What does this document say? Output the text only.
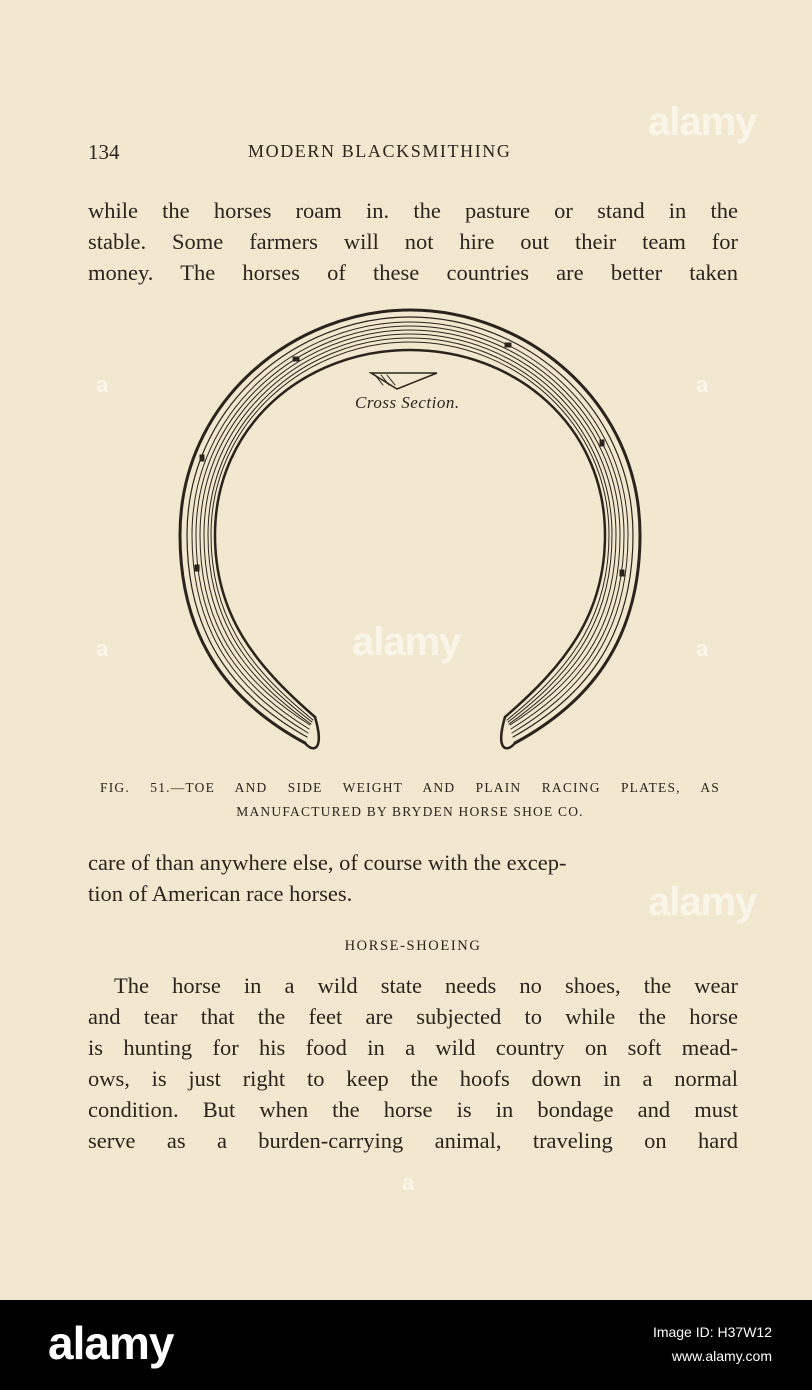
134	MODERN BLACKSMITHING

while the horses roam in. the pasture or stand in the
stable. Some farmers will not hire out their team for
money. The horses of these countries are better taken

Cross Section.
FIG. 51.—TOE AND SIDE WEIGHT AND PLAIN RACING PLATES, AS
MANUFACTURED BY BRYDEN HORSE SHOE CO.

care of than anywhere else, of course with the excep-
tion of American race horses.

HORSE-SHOEING

The horse in a wild state needs no shoes, the wear
and tear that the feet are subjected to while the horse
is hunting for his food in a wild country on soft mead-
ows, is just right to keep the hoofs down in a normal
condition. But when the horse is in bondage and must
serve as a burden-carrying animal, traveling on hard

alamy
alamy
alamy
a	a
a	a
a
alamy	Image ID: H37W12
www.alamy.com
